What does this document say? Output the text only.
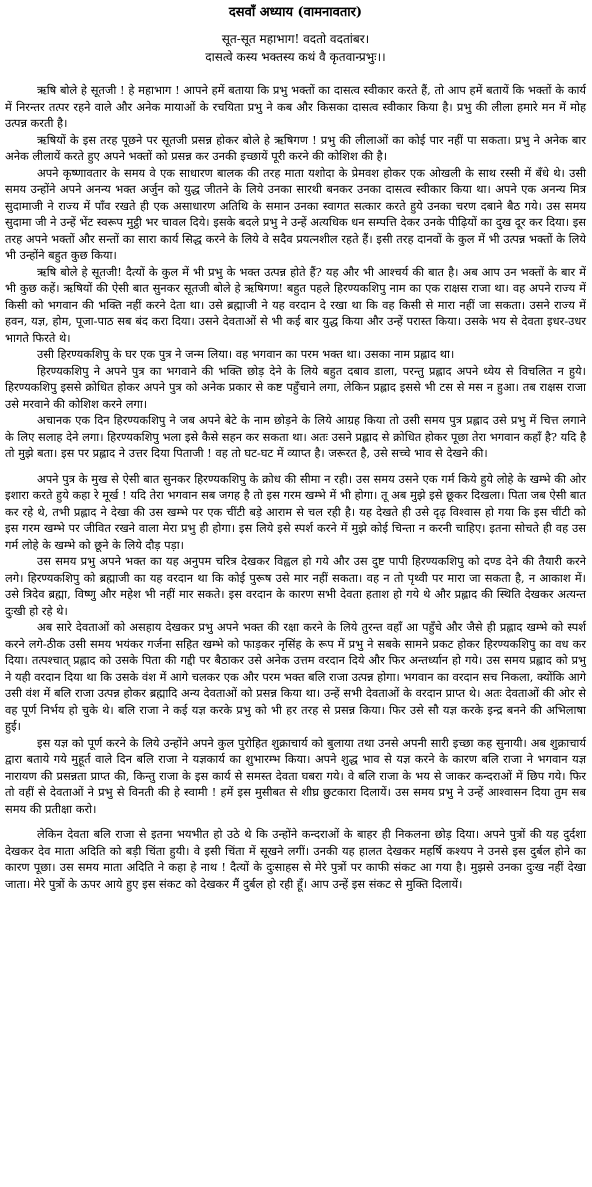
दसवाँ अध्याय (वामनावतार)
सूत-सूत महाभाग! वदतो वदतांबर।
दासत्वे कस्य भक्तस्य कथं वै कृतवान्प्रभुः।।

ऋषि बोले हे सूतजी ! हे महाभाग ! आपने हमें बताया कि प्रभु भक्तों का दासत्व स्वीकार करते हैं, तो आप हमें बतायें कि भक्तों के कार्य में निरन्तर तत्पर रहने वाले और अनेक मायाओं के रचयिता प्रभु ने कब और किसका दासत्व स्वीकार किया है। प्रभु की लीला हमारे मन में मोह उत्पन्न करती है।

ऋषियों के इस तरह पूछने पर सूतजी प्रसन्न होकर बोले हे ऋषिगण ! प्रभु की लीलाओं का कोई पार नहीं पा सकता। प्रभु ने अनेक बार अनेक लीलायें करते हुए अपने भक्तों को प्रसन्न कर उनकी इच्छायें पूरी करने की कोशिश की है।

अपने कृष्णावतार के समय वे एक साधारण बालक की तरह माता यशोदा के प्रेमवश होकर एक ओखली के साथ रस्सी में बँधे थे। उसी समय उन्होंने अपने अनन्य भक्त अर्जुन को युद्ध जीतने के लिये उनका सारथी बनकर उनका दासत्व स्वीकार किया था। अपने एक अनन्य मित्र सुदामाजी ने राज्य में पाँव रखते ही एक असाधारण अतिथि के समान उनका स्वागत सत्कार करते हुये उनका चरण दबाने बैठ गये। उस समय सुदामा जी ने उन्हें भेंट स्वरूप मुट्ठी भर चावल दिये। इसके बदले प्रभु ने उन्हें अत्यधिक धन सम्पत्ति देकर उनके पीढ़ियों का दुख दूर कर दिया। इस तरह अपने भक्तों और सन्तों का सारा कार्य सिद्ध करने के लिये वे सदैव प्रयत्नशील रहते हैं। इसी तरह दानवों के कुल में भी उत्पन्न भक्तों के लिये भी उन्होंने बहुत कुछ किया।

ऋषि बोले हे सूतजी! दैत्यों के कुल में भी प्रभु के भक्त उत्पन्न होते हैं? यह और भी आश्चर्य की बात है। अब आप उन भक्तों के बार में भी कुछ कहें। ऋषियों की ऐसी बात सुनकर सूतजी बोले हे ऋषिगण! बहुत पहले हिरण्यकशिपु नाम का एक राक्षस राजा था। वह अपने राज्य में किसी को भगवान की भक्ति नहीं करने देता था। उसे ब्रह्माजी ने यह वरदान दे रखा था कि वह किसी से मारा नहीं जा सकता। उसने राज्य में हवन, यज्ञ, होम, पूजा-पाठ सब बंद करा दिया। उसने देवताओं से भी कई बार युद्ध किया और उन्हें परास्त किया। उसके भय से देवता इधर-उधर भागते फिरते थे।

उसी हिरण्यकशिपु के घर एक पुत्र ने जन्म लिया। वह भगवान का परम भक्त था। उसका नाम प्रह्लाद था।

हिरण्यकशिपु ने अपने पुत्र का भगवाने की भक्ति छोड़ देने के लिये बहुत दबाव डाला, परन्तु प्रह्लाद अपने ध्येय से विचलित न हुये। हिरण्यकशिपु इससे क्रोधित होकर अपने पुत्र को अनेक प्रकार से कष्ट पहुँचाने लगा, लेकिन प्रह्लाद इससे भी टस से मस न हुआ। तब राक्षस राजा उसे मरवाने की कोशिश करने लगा।

अचानक एक दिन हिरण्यकशिपु ने जब अपने बेटे के नाम छोड़ने के लिये आग्रह किया तो उसी समय पुत्र प्रह्लाद उसे प्रभु में चित्त लगाने के लिए सलाह देने लगा। हिरण्यकशिपु भला इसे कैसे सहन कर सकता था। अतः उसने प्रह्लाद से क्रोधित होकर पूछा तेरा भगवान कहाँ है? यदि है तो मुझे बता। इस पर प्रह्लाद ने उत्तर दिया पिताजी ! वह तो घट-घट में व्याप्त है। जरूरत है, उसे सच्चे भाव से देखने की।

अपने पुत्र के मुख से ऐसी बात सुनकर हिरण्यकशिपु के क्रोध की सीमा न रही। उस समय उसने एक गर्म किये हुये लोहे के खम्भे की ओर इशारा करते हुये कहा रे मूर्ख ! यदि तेरा भगवान सब जगह है तो इस गरम खम्भे में भी होगा। तू अब मुझे इसे छूकर दिखला। पिता जब ऐसी बात कर रहे थे, तभी प्रह्लाद ने देखा की उस खम्भे पर एक चींटी बड़े आराम से चल रही है। यह देखते ही उसे दृढ़ विश्वास हो गया कि इस चींटी को इस गरम खम्भे पर जीवित रखने वाला मेरा प्रभु ही होगा। इस लिये इसे स्पर्श करने में मुझे कोई चिन्ता न करनी चाहिए। इतना सोचते ही वह उस गर्म लोहे के खम्भे को छूने के लिये दौड़ पड़ा।

उस समय प्रभु अपने भक्त का यह अनुपम चरित्र देखकर विह्वल हो गये और उस दुष्ट पापी हिरण्यकशिपु को दण्ड देने की तैयारी करने लगे। हिरण्यकशिपु को ब्रह्माजी का यह वरदान था कि कोई पुरूष उसे मार नहीं सकता। वह न तो पृथ्वी पर मारा जा सकता है, न आकाश में। उसे त्रिदेव ब्रह्मा, विष्णु और महेश भी नहीं मार सकते। इस वरदान के कारण सभी देवता हताश हो गये थे और प्रह्लाद की स्थिति देखकर अत्यन्त दुःखी हो रहे थे।

अब सारे देवताओं को असहाय देखकर प्रभु अपने भक्त की रक्षा करने के लिये तुरन्त वहाँ आ पहुँचे और जैसे ही प्रह्लाद खम्भे को स्पर्श करने लगे-ठीक उसी समय भयंकर गर्जना सहित खम्भे को फाड़कर नृसिंह के रूप में प्रभु ने सबके सामने प्रकट होकर हिरण्यकशिपु का वध कर दिया। तत्पश्चात् प्रह्लाद को उसके पिता की गद्दी पर बैठाकर उसे अनेक उत्तम वरदान दिये और फिर अन्तर्ध्यान हो गये। उस समय प्रह्लाद को प्रभु ने यही वरदान दिया था कि उसके वंश में आगे चलकर एक और परम भक्त बलि राजा उत्पन्न होगा। भगवान का वरदान सच निकला, क्योंकि आगे उसी वंश में बलि राजा उत्पन्न होकर ब्रह्मादि अन्य देवताओं को प्रसन्न किया था। उन्हें सभी देवताओं के वरदान प्राप्त थे। अतः देवताओं की ओर से वह पूर्ण निर्भय हो चुके थे। बलि राजा ने कई यज्ञ करके प्रभु को भी हर तरह से प्रसन्न किया। फिर उसे सौ यज्ञ करके इन्द्र बनने की अभिलाषा हुई।

इस यज्ञ को पूर्ण करने के लिये उन्होंने अपने कुल पुरोहित शुक्राचार्य को बुलाया तथा उनसे अपनी सारी इच्छा कह सुनायी। अब शुक्राचार्य द्वारा बताये गये मुहूर्त वाले दिन बलि राजा ने यज्ञकार्य का शुभारम्भ किया। अपने शुद्ध भाव से यज्ञ करने के कारण बलि राजा ने भगवान यज्ञ नारायण की प्रसन्नता प्राप्त की, किन्तु राजा के इस कार्य से समस्त देवता घबरा गये। वे बलि राजा के भय से जाकर कन्दराओं में छिप गये। फिर तो वहीं से देवताओं ने प्रभु से विनती की हे स्वामी ! हमें इस मुसीबत से शीघ्र छुटकारा दिलायें। उस समय प्रभु ने उन्हें आश्वासन दिया तुम सब समय की प्रतीक्षा करो।

लेकिन देवता बलि राजा से इतना भयभीत हो उठे थे कि उन्होंने कन्दराओं के बाहर ही निकलना छोड़ दिया। अपने पुत्रों की यह दुर्दशा देखकर देव माता अदिति को बड़ी चिंता हुयी। वे इसी चिंता में सूखने लगीं। उनकी यह हालत देखकर महर्षि कश्यप ने उनसे इस दुर्बल होने का कारण पूछा। उस समय माता अदिति ने कहा हे नाथ ! दैत्यों के दुःसाहस से मेरे पुत्रों पर काफी संकट आ गया है। मुझसे उनका दुःख नहीं देखा जाता। मेरे पुत्रों के ऊपर आये हुए इस संकट को देखकर मैं दुर्बल हो रही हूँ। आप उन्हें इस संकट से मुक्ति दिलायें।
